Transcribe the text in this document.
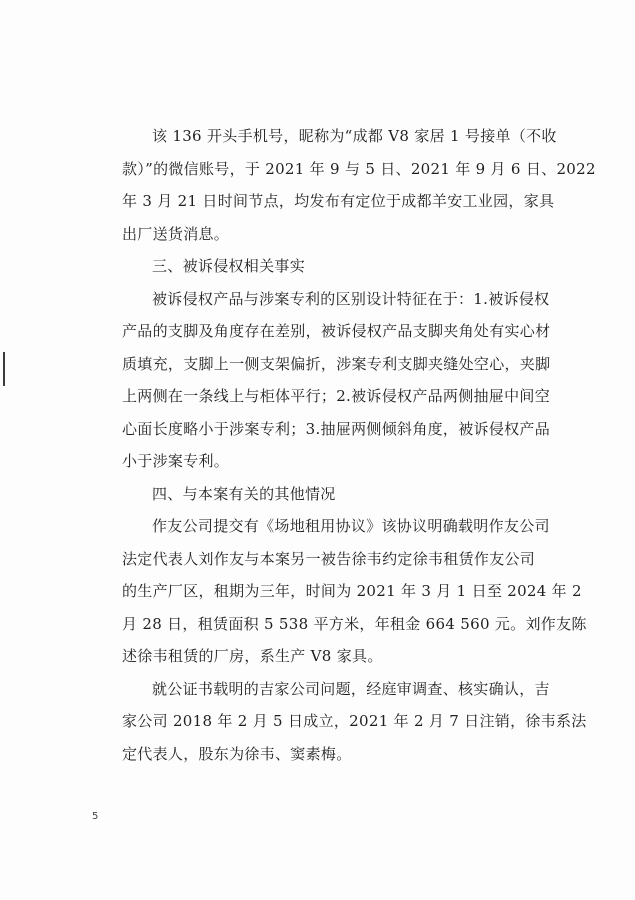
该 136 开头手机号，昵称为“成都 V8 家居 1 号接单（不收
款）”的微信账号，于 2021 年 9 与 5 日、2021 年 9 月 6 日、2022
年 3 月 21 日时间节点，均发布有定位于成都羊安工业园，家具
出厂送货消息。
三、被诉侵权相关事实
被诉侵权产品与涉案专利的区别设计特征在于：1.被诉侵权
产品的支脚及角度存在差别，被诉侵权产品支脚夹角处有实心材
质填充，支脚上一侧支架偏折，涉案专利支脚夹缝处空心，夹脚
上两侧在一条线上与柜体平行；2.被诉侵权产品两侧抽屉中间空
心面长度略小于涉案专利；3.抽屉两侧倾斜角度，被诉侵权产品
小于涉案专利。
四、与本案有关的其他情况
作友公司提交有《场地租用协议》该协议明确载明作友公司
法定代表人刘作友与本案另一被告徐韦约定徐韦租赁作友公司
的生产厂区，租期为三年，时间为 2021 年 3 月 1 日至 2024 年 2
月 28 日，租赁面积 5 538 平方米，年租金 664 560 元。刘作友陈
述徐韦租赁的厂房，系生产 V8 家具。
就公证书载明的吉家公司问题，经庭审调查、核实确认，吉
家公司 2018 年 2 月 5 日成立，2021 年 2 月 7 日注销，徐韦系法
定代表人，股东为徐韦、窦素梅。
5
